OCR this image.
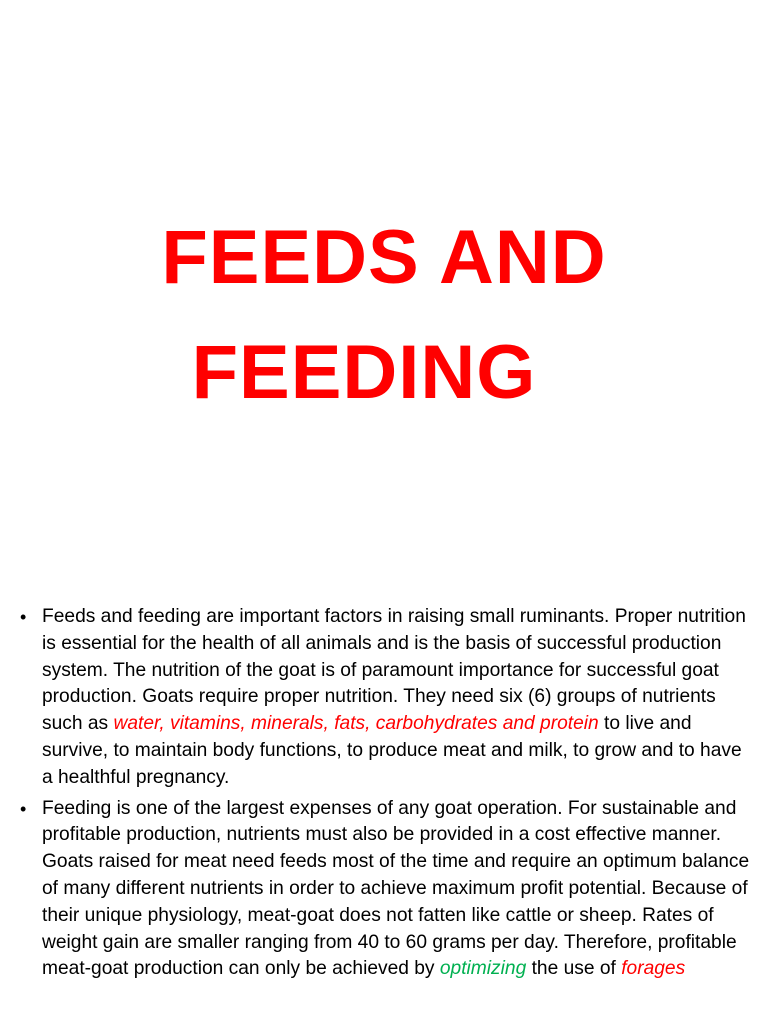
FEEDS AND
FEEDING
• Feeds and feeding are important factors in raising small ruminants. Proper nutrition is essential for the health of all animals and is the basis of successful production system. The nutrition of the goat is of paramount importance for successful goat production. Goats require proper nutrition. They need six (6) groups of nutrients such as water, vitamins, minerals, fats, carbohydrates and protein to live and survive, to maintain body functions, to produce meat and milk, to grow and to have a healthful pregnancy.
• Feeding is one of the largest expenses of any goat operation. For sustainable and profitable production, nutrients must also be provided in a cost effective manner. Goats raised for meat need feeds most of the time and require an optimum balance of many different nutrients in order to achieve maximum profit potential. Because of their unique physiology, meat-goat does not fatten like cattle or sheep. Rates of weight gain are smaller ranging from 40 to 60 grams per day. Therefore, profitable meat-goat production can only be achieved by optimizing the use of forages
